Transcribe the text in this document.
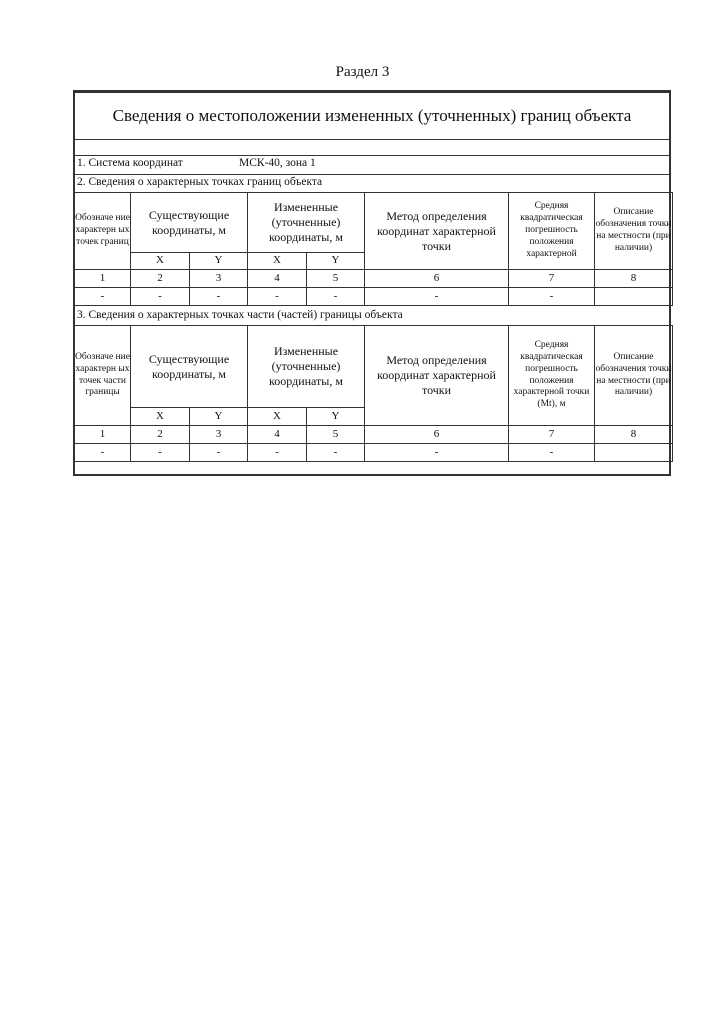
Раздел 3
Сведения о местоположении измененных (уточненных) границ объекта
1. Система координат	МСК-40, зона 1
2. Сведения о характерных точках границ объекта
Обозначе ние характерн ых точек границ	Существующие координаты, м		Измененные (уточненные) координаты, м		Метод определения координат характерной точки	Средняя квадратическая погрешность положения характерной	Описание обозначения точки на местности (при наличии)
	X	Y	X	Y			
1	2	3	4	5	6	7	8
-	-	-	-	-	-	-	
3. Сведения о характерных точках части (частей) границы объекта
Обозначе ние характерн ых точек части границы	Существующие координаты, м		Измененные (уточненные) координаты, м		Метод определения координат характерной точки	Средняя квадратическая погрешность положения характерной точки (Mt), м	Описание обозначения точки на местности (при наличии)
	X	Y	X	Y			
1	2	3	4	5	6	7	8
-	-	-	-	-	-	-	
